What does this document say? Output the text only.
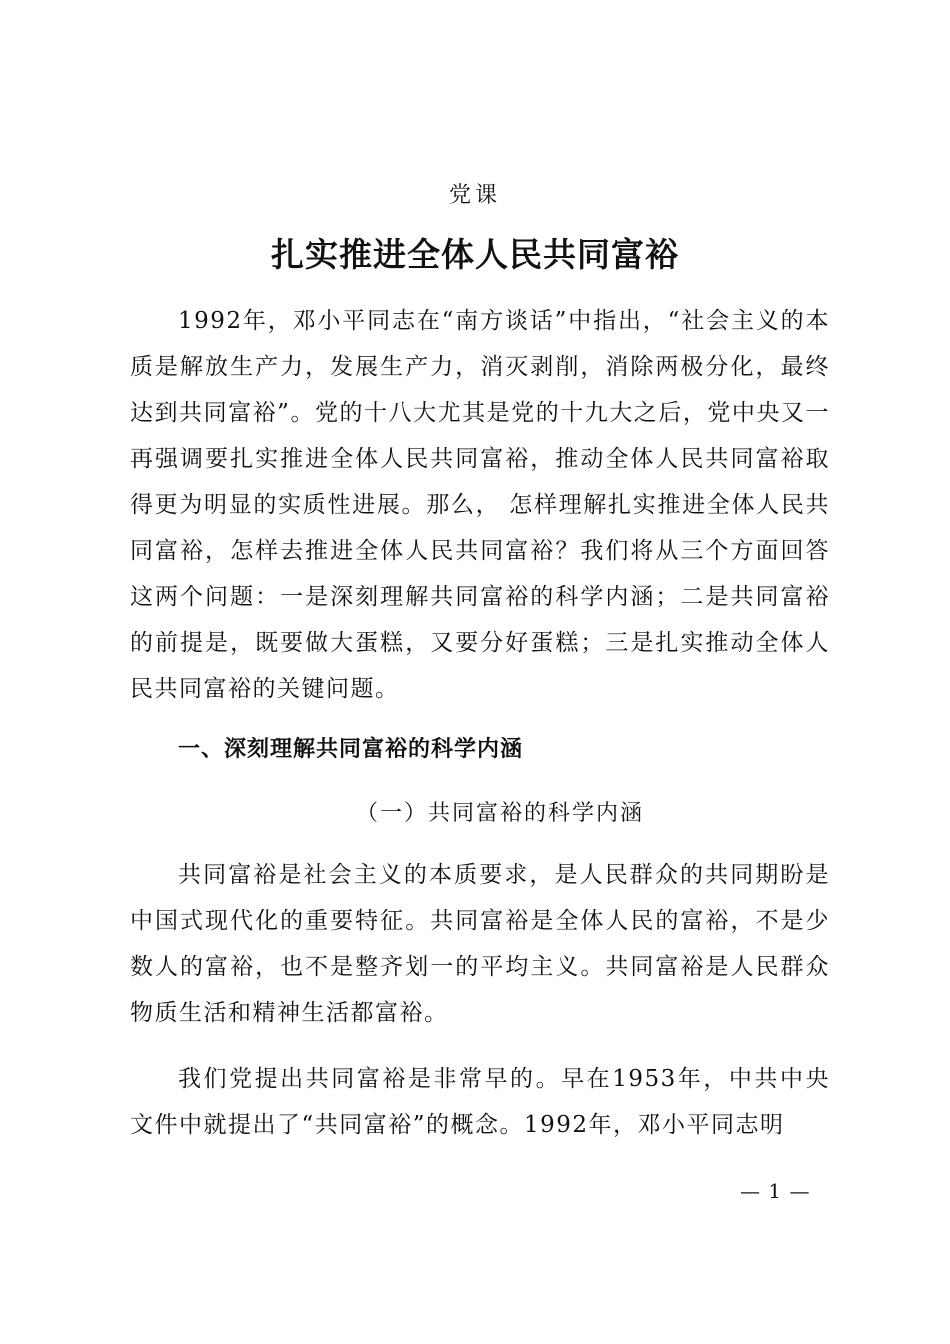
党课
扎实推进全体人民共同富裕

1992年，邓小平同志在“南方谈话”中指出，“社会主义的本质是解放生产力，发展生产力，消灭剥削，消除两极分化，最终达到共同富裕”。党的十八大尤其是党的十九大之后，党中央又一再强调要扎实推进全体人民共同富裕，推动全体人民共同富裕取得更为明显的实质性进展。那么， 怎样理解扎实推进全体人民共同富裕，怎样去推进全体人民共同富裕？我们将从三个方面回答这两个问题：一是深刻理解共同富裕的科学内涵；二是共同富裕的前提是，既要做大蛋糕，又要分好蛋糕；三是扎实推动全体人民共同富裕的关键问题。

一、深刻理解共同富裕的科学内涵
（一）共同富裕的科学内涵

共同富裕是社会主义的本质要求，是人民群众的共同期盼是中国式现代化的重要特征。共同富裕是全体人民的富裕，不是少数人的富裕，也不是整齐划一的平均主义。共同富裕是人民群众物质生活和精神生活都富裕。

我们党提出共同富裕是非常早的。早在1953年，中共中央文件中就提出了“共同富裕”的概念。1992年，邓小平同志明

— 1 —
